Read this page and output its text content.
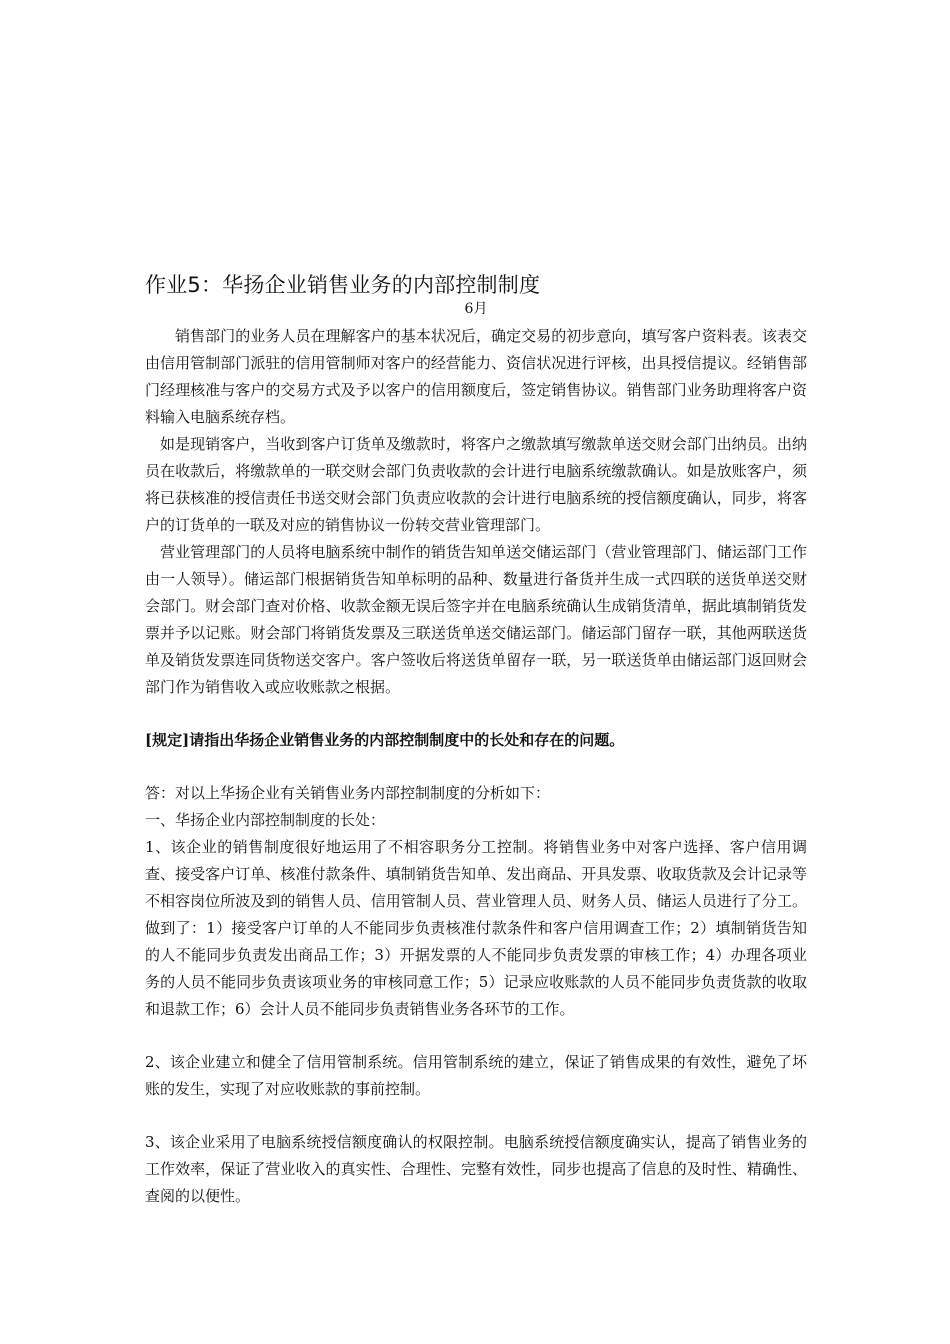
作业5：华扬企业销售业务的内部控制制度
6月

销售部门的业务人员在理解客户的基本状况后，确定交易的初步意向，填写客户资料表。该表交由信用管制部门派驻的信用管制师对客户的经营能力、资信状况进行评核，出具授信提议。经销售部门经理核准与客户的交易方式及予以客户的信用额度后，签定销售协议。销售部门业务助理将客户资料输入电脑系统存档。

如是现销客户，当收到客户订货单及缴款时，将客户之缴款填写缴款单送交财会部门出纳员。出纳员在收款后，将缴款单的一联交财会部门负责收款的会计进行电脑系统缴款确认。如是放账客户，须将已获核准的授信责任书送交财会部门负责应收款的会计进行电脑系统的授信额度确认，同步，将客户的订货单的一联及对应的销售协议一份转交营业管理部门。

营业管理部门的人员将电脑系统中制作的销货告知单送交储运部门（营业管理部门、储运部门工作由一人领导）。储运部门根据销货告知单标明的品种、数量进行备货并生成一式四联的送货单送交财会部门。财会部门查对价格、收款金额无误后签字并在电脑系统确认生成销货清单，据此填制销货发票并予以记账。财会部门将销货发票及三联送货单送交储运部门。储运部门留存一联，其他两联送货单及销货发票连同货物送交客户。客户签收后将送货单留存一联，另一联送货单由储运部门返回财会部门作为销售收入或应收账款之根据。

[规定]请指出华扬企业销售业务的内部控制制度中的长处和存在的问题。

答：对以上华扬企业有关销售业务内部控制制度的分析如下：

一、华扬企业内部控制制度的长处：

1、该企业的销售制度很好地运用了不相容职务分工控制。将销售业务中对客户选择、客户信用调查、接受客户订单、核准付款条件、填制销货告知单、发出商品、开具发票、收取货款及会计记录等不相容岗位所波及到的销售人员、信用管制人员、营业管理人员、财务人员、储运人员进行了分工。做到了：1）接受客户订单的人不能同步负责核准付款条件和客户信用调查工作；2）填制销货告知的人不能同步负责发出商品工作；3）开据发票的人不能同步负责发票的审核工作；4）办理各项业务的人员不能同步负责该项业务的审核同意工作；5）记录应收账款的人员不能同步负责货款的收取和退款工作；6）会计人员不能同步负责销售业务各环节的工作。

2、该企业建立和健全了信用管制系统。信用管制系统的建立，保证了销售成果的有效性，避免了坏账的发生，实现了对应收账款的事前控制。

3、该企业采用了电脑系统授信额度确认的权限控制。电脑系统授信额度确实认，提高了销售业务的工作效率，保证了营业收入的真实性、合理性、完整有效性，同步也提高了信息的及时性、精确性、查阅的以便性。
